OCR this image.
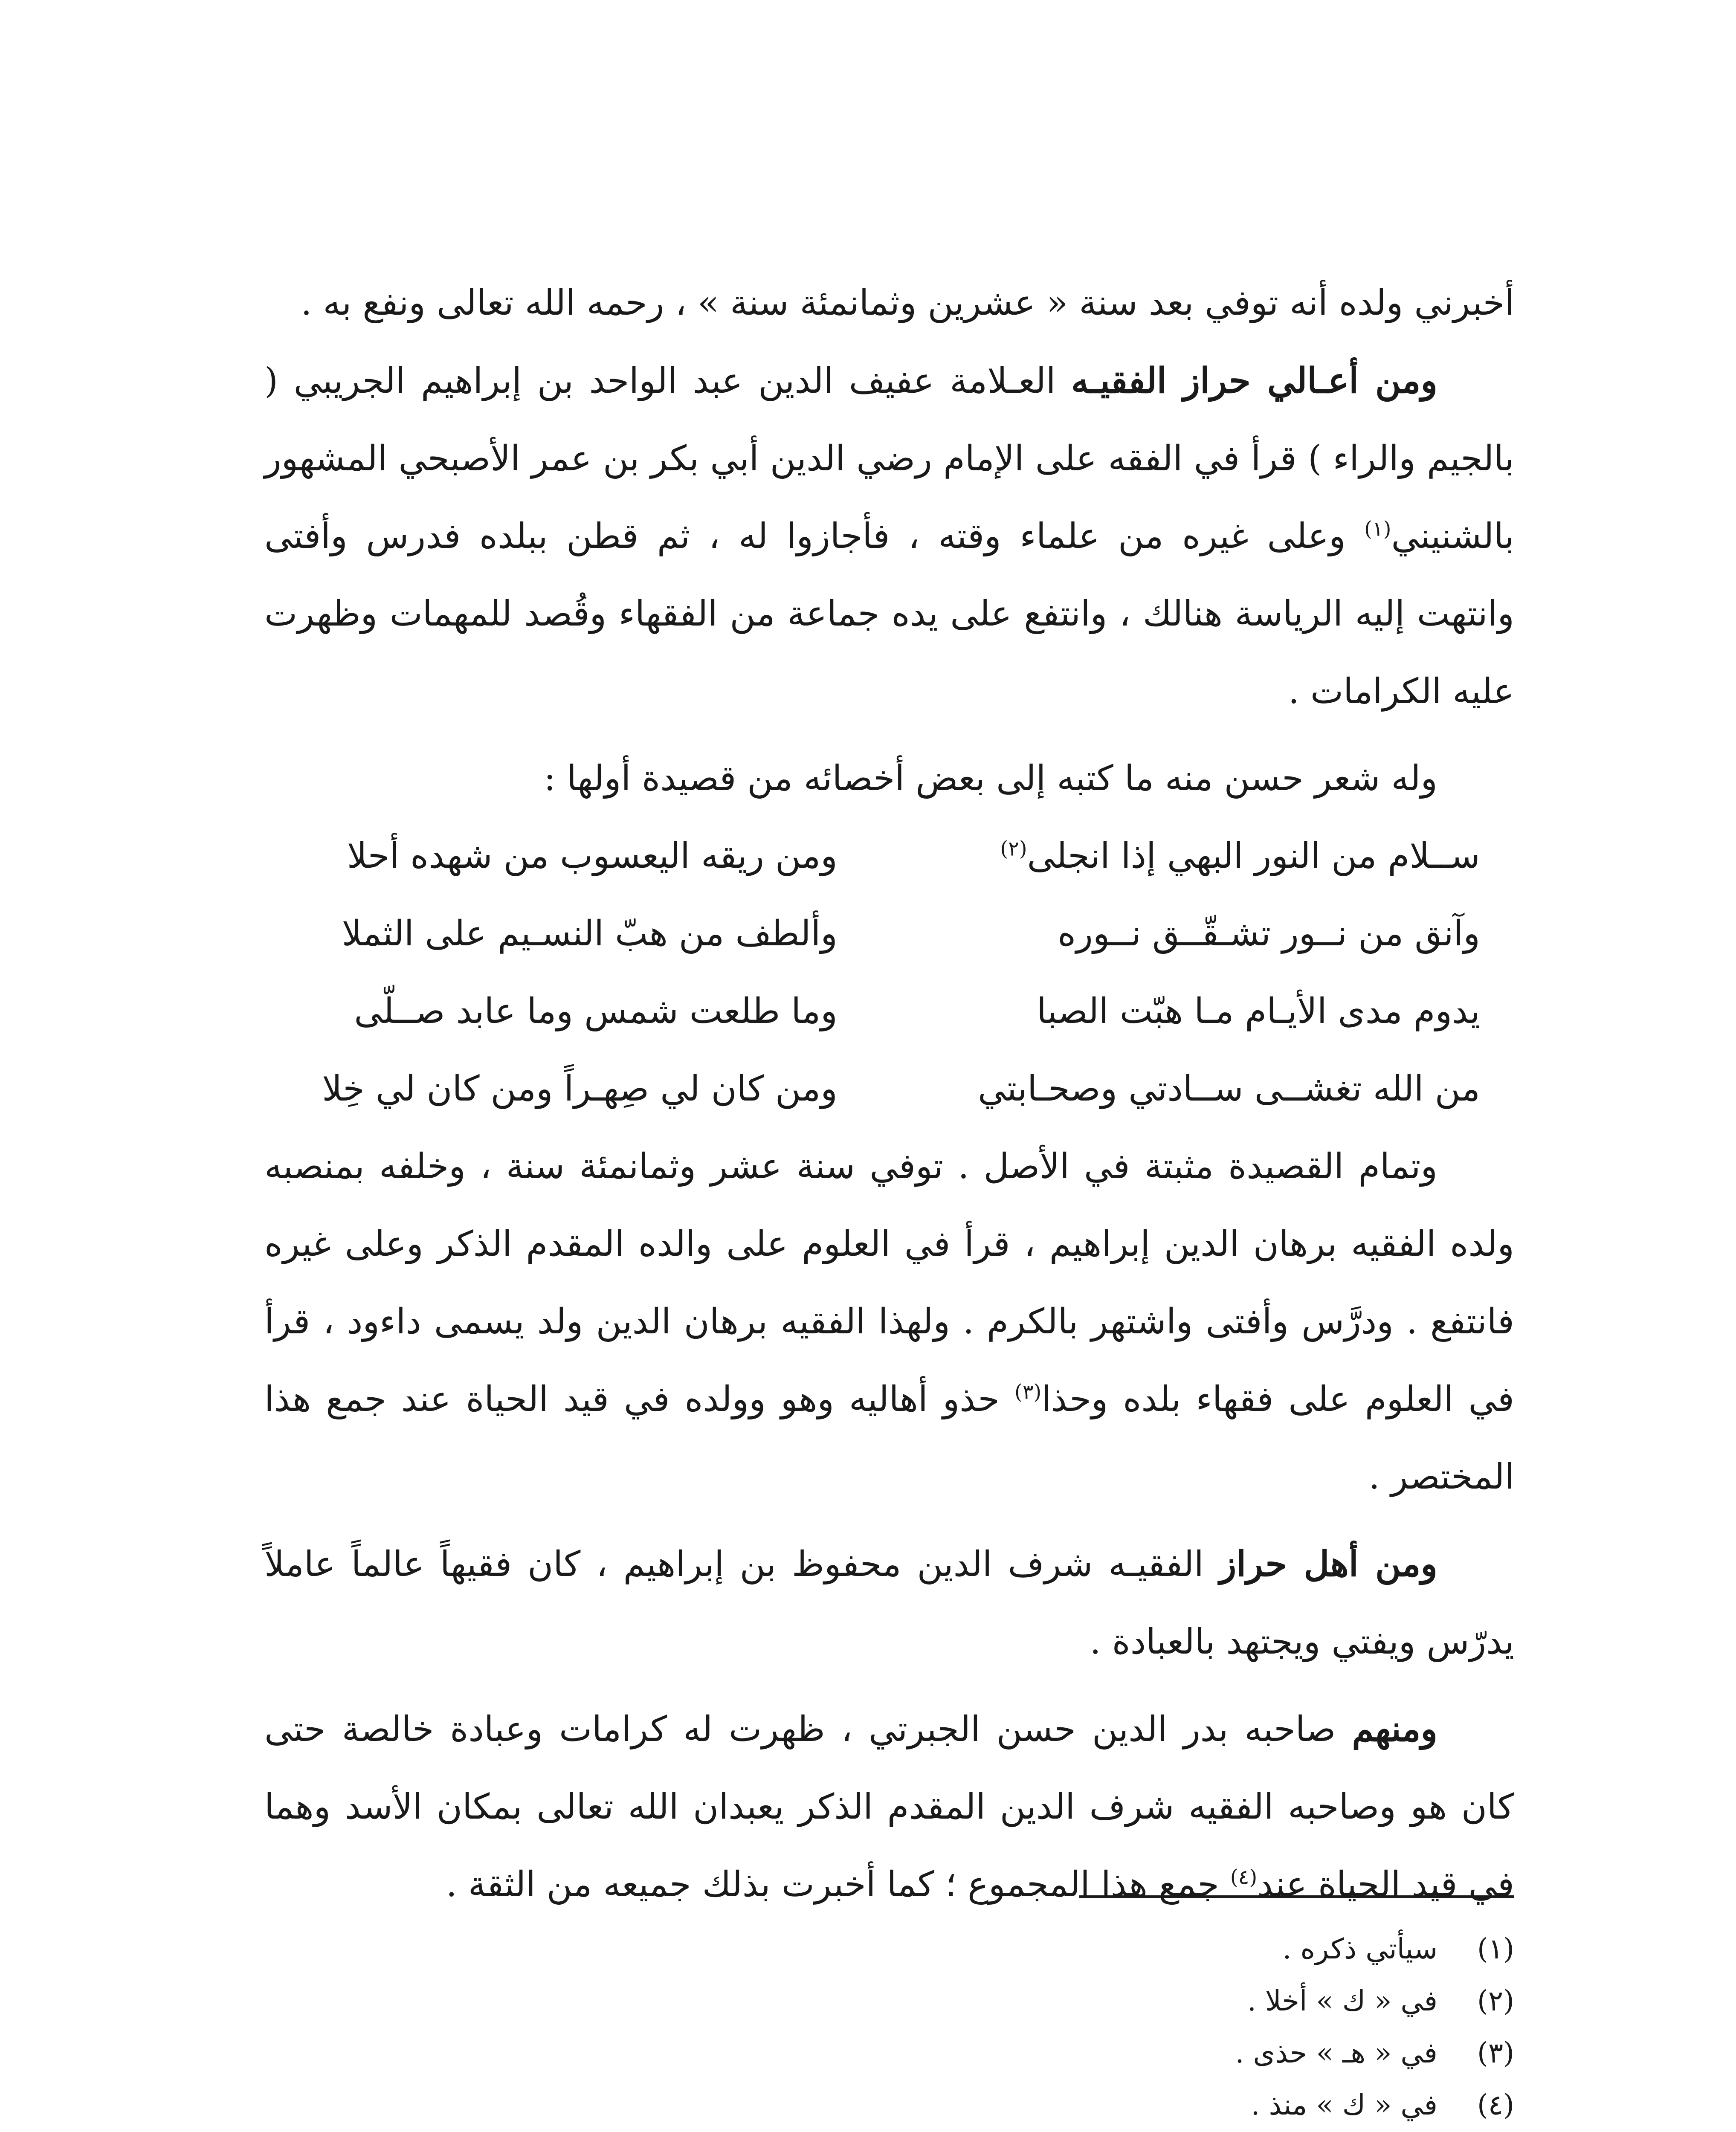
أخبرني ولده أنه توفي بعد سنة « عشرين وثمانمئة سنة » ، رحمه الله تعالى ونفع به .

ومن أعـالي حراز الفقيـه العـلامة عفيف الدين عبد الواحد بن إبراهيم الجريبي ( بالجيم والراء ) قرأ في الفقه على الإمام رضي الدين أبي بكر بن عمر الأصبحي المشهور بالشنيني$^{(١)}$ وعلى غيره من علماء وقته ، فأجازوا له ، ثم قطن ببلده فدرس وأفتى وانتهت إليه الرياسة هنالك ، وانتفع على يده جماعة من الفقهاء وقُصد للمهمات وظهرت عليه الكرامات .

وله شعر حسن منه ما كتبه إلى بعض أخصائه من قصيدة أولها :

ســلام من النور البهي إذا انجلى$^{(٢)}$
ومن ريقه اليعسوب من شهده أحلا
وآنق من نــور تشـقّــق نــوره
وألطف من هبّ النسـيم على الثملا
يدوم مدى الأيـام مـا هبّت الصبا
وما طلعت شمس وما عابد صــلّى
من الله تغشــى ســادتي وصحـابتي
ومن كان لي صِهـراً ومن كان لي خِلا

وتمام القصيدة مثبتة في الأصل . توفي سنة عشر وثمانمئة سنة ، وخلفه بمنصبه ولده الفقيه برهان الدين إبراهيم ، قرأ في العلوم على والده المقدم الذكر وعلى غيره فانتفع . ودرَّس وأفتى واشتهر بالكرم . ولهذا الفقيه برهان الدين ولد يسمى داءود ، قرأ في العلوم على فقهاء بلده وحذا$^{(٣)}$ حذو أهاليه وهو وولده في قيد الحياة عند جمع هذا المختصر .

ومن أهل حراز الفقيـه شرف الدين محفوظ بن إبراهيم ، كان فقيهاً عالماً عاملاً يدرّس ويفتي ويجتهد بالعبادة .

ومنهم صاحبه بدر الدين حسن الجبرتي ، ظهرت له كرامات وعبادة خالصة حتى كان هو وصاحبه الفقيه شرف الدين المقدم الذكر يعبدان الله تعالى بمكان الأسد وهما في قيد الحياة عند$^{(٤)}$ جمع هذا المجموع ؛ كما أخبرت بذلك جميعه من الثقة .

(١)
سيأتي ذكره .
(٢)
في « ك » أخلا .
(٣)
في « هـ » حذى .
(٤)
في « ك » منذ .
